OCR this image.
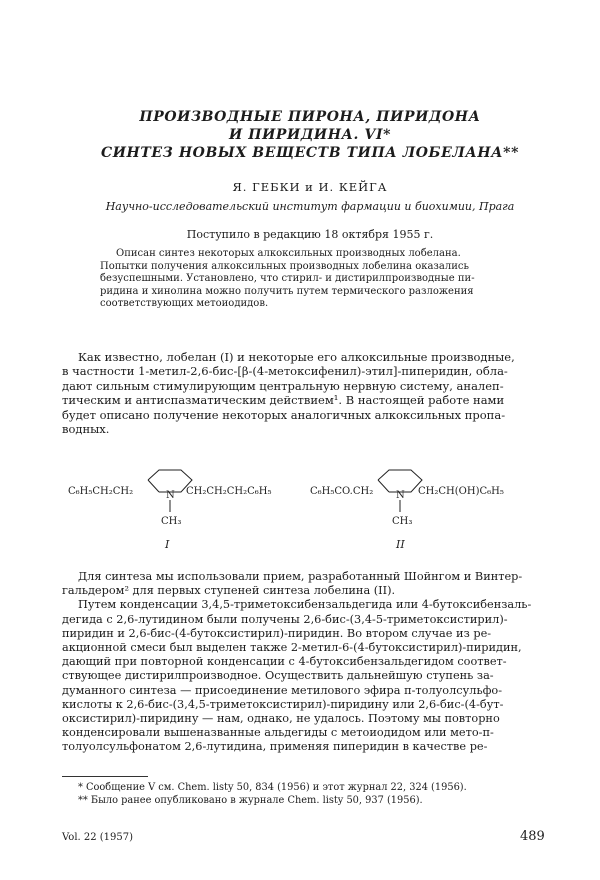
ПРОИЗВОДНЫЕ ПИРОНА, ПИРИДОНА
И ПИРИДИНА. VI*
СИНТЕЗ НОВЫХ ВЕЩЕСТВ ТИПА ЛОБЕЛАНА**
Я. ГЕБКИ и И. КЕЙГА
Научно-исследовательский институт фармации и биохимии, Прага
Поступило в редакцию 18 октября 1955 г.
Описан синтез некоторых алкоксильных производных лобелана.
Попытки получения алкоксильных производных лобелина оказались
безуспешными. Установлено, что стирил- и дистирилпроизводные пи-
ридина и хинолина можно получить путем термического разложения
соответствующих метоиодидов.
Как известно, лобелан (I) и некоторые его алкоксильные производные,
в частности 1-метил-2,6-бис-[β-(4-метоксифенил)-этил]-пиперидин, обла-
дают сильным стимулирующим центральную нервную систему, аналеп-
тическим и антиспазматическим действием¹. В настоящей работе нами
будет описано получение некоторых аналогичных алкоксильных пропа-
водных.
C₆H₅CH₂CH₂	N CH₂CH₂CH₂C₆H₅
CH₃
I
C₆H₅CO.CH₂ N CH₂CH(OH)C₆H₅
CH₃
II
Для синтеза мы использовали прием, разработанный Шойнгом и Винтер-
гальдером² для первых ступеней синтеза лобелина (II).
Путем конденсации 3,4,5-триметоксибензальдегида или 4-бутоксибензаль-
дегида с 2,6-лутидином были получены 2,6-бис-(3,4-5-триметоксистирил)-
пиридин и 2,6-бис-(4-бутоксистирил)-пиридин. Во втором случае из ре-
акционной смеси был выделен также 2-метил-6-(4-бутоксистирил)-пиридин,
дающий при повторной конденсации с 4-бутоксибензальдегидом соответ-
ствующее дистирилпроизводное. Осуществить дальнейшую ступень за-
думанного синтеза — присоединение метилового эфира п-толуолсульфо-
кислоты к 2,6-бис-(3,4,5-триметоксистирил)-пиридину или 2,6-бис-(4-бут-
оксистирил)-пиридину — нам, однако, не удалось. Поэтому мы повторно
конденсировали вышеназванные альдегиды с метоиодидом или мето-п-
толуолсульфонатом 2,6-лутидина, применяя пиперидин в качестве ре-
* Сообщение V см. Chem. listy 50, 834 (1956) и этот журнал 22, 324 (1956).
** Было ранее опубликовано в журнале Chem. listy 50, 937 (1956).
Vol. 22 (1957)	489
